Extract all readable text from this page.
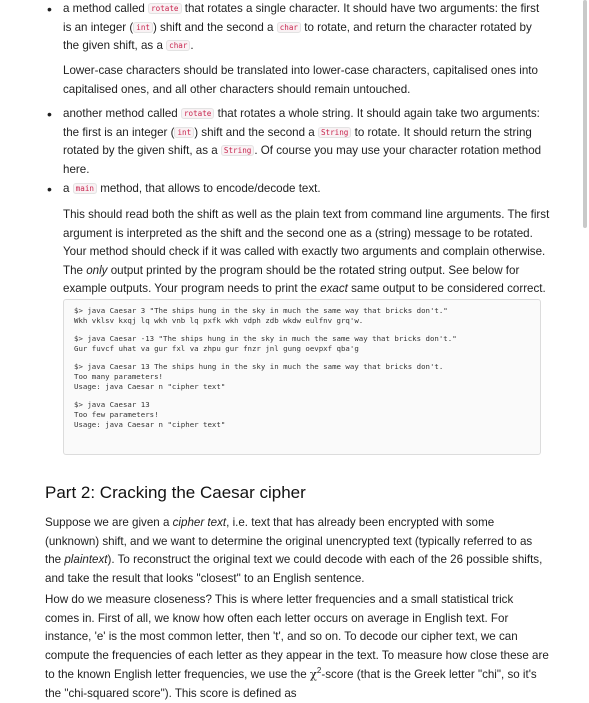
• a method called rotate that rotates a single character. It should have two arguments: the first
is an integer ( int ) shift and the second a char to rotate, and return the character rotated by
the given shift, as a char .
Lower-case characters should be translated into lower-case characters, capitalised ones into capitalised ones, and all other characters should remain untouched.
• another method called rotate that rotates a whole string. It should again take two arguments:
the first is an integer ( int ) shift and the second a String to rotate. It should return the string
rotated by the given shift, as a String . Of course you may use your character rotation method
here.
• a main method, that allows to encode/decode text.
This should read both the shift as well as the plain text from command line arguments. The first argument is interpreted as the shift and the second one as a (string) message to be rotated. Your method should check if it was called with exactly two arguments and complain otherwise. The only output printed by the program should be the rotated string output. See below for example outputs. Your program needs to print the exact same output to be considered correct.
$> java Caesar 3 "The ships hung in the sky in much the same way that bricks don't."
Wkh vklsv kxqj lq wkh vnb lq pxfk wkh vdph zdb wkdw eulfnv grq'w.
$> java Caesar -13 "The ships hung in the sky in much the same way that bricks don't."
Gur fuvcf uhat va gur fxl va zhpu gur fnzr jnl gung oevpxf qba'g
$> java Caesar 13 The ships hung in the sky in much the same way that bricks don't.
Too many parameters!
Usage: java Caesar n "cipher text"
$> java Caesar 13
Too few parameters!
Usage: java Caesar n "cipher text"
Part 2: Cracking the Caesar cipher
Suppose we are given a cipher text, i.e. text that has already been encrypted with some (unknown) shift, and we want to determine the original unencrypted text (typically referred to as the plaintext). To reconstruct the original text we could decode with each of the 26 possible shifts, and take the result that looks "closest" to an English sentence.
How do we measure closeness? This is where letter frequencies and a small statistical trick comes in. First of all, we know how often each letter occurs on average in English text. For instance, 'e' is the most common letter, then 't', and so on. To decode our cipher text, we can compute the frequencies of each letter as they appear in the text. To measure how close these are to the known English letter frequencies, we use the $\chi^2$-score (that is the Greek letter "chi", so it's the "chi-squared score"). This score is defined as
